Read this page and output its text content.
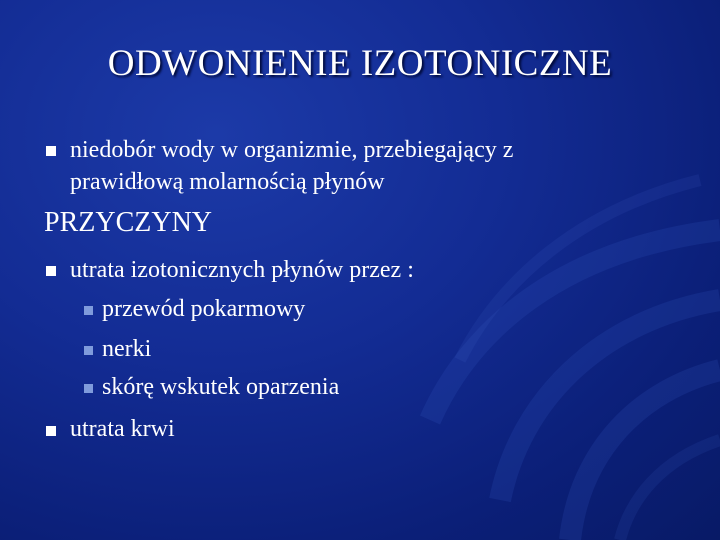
ODWONIENIE IZOTONICZNE
niedobór wody w organizmie, przebiegający z
prawidłową molarnością płynów
PRZYCZYNY
utrata izotonicznych płynów przez :
przewód pokarmowy
nerki
skórę wskutek oparzenia
utrata krwi
